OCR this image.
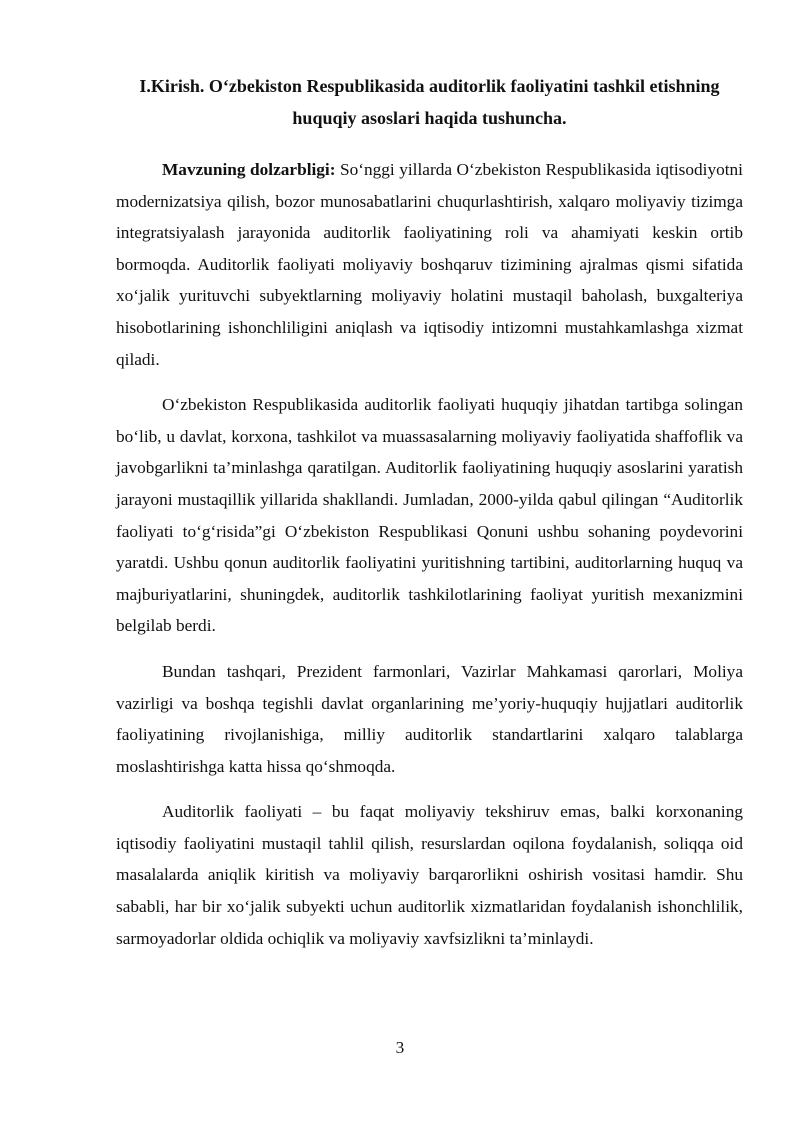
I.Kirish. O‘zbekiston Respublikasida auditorlik faoliyatini tashkil etishning huquqiy asoslari haqida tushuncha.

Mavzuning dolzarbligi: So‘nggi yillarda O‘zbekiston Respublikasida iqtisodiyotni modernizatsiya qilish, bozor munosabatlarini chuqurlashtirish, xalqaro moliyaviy tizimga integratsiyalash jarayonida auditorlik faoliyatining roli va ahamiyati keskin ortib bormoqda. Auditorlik faoliyati moliyaviy boshqaruv tizimining ajralmas qismi sifatida xo‘jalik yurituvchi subyektlarning moliyaviy holatini mustaqil baholash, buxgalteriya hisobotlarining ishonchliligini aniqlash va iqtisodiy intizomni mustahkamlashga xizmat qiladi.

O‘zbekiston Respublikasida auditorlik faoliyati huquqiy jihatdan tartibga solingan bo‘lib, u davlat, korxona, tashkilot va muassasalarning moliyaviy faoliyatida shaffoflik va javobgarlikni ta’minlashga qaratilgan. Auditorlik faoliyatining huquqiy asoslarini yaratish jarayoni mustaqillik yillarida shakllandi. Jumladan, 2000-yilda qabul qilingan “Auditorlik faoliyati to‘g‘risida”gi O‘zbekiston Respublikasi Qonuni ushbu sohaning poydevorini yaratdi. Ushbu qonun auditorlik faoliyatini yuritishning tartibini, auditorlarning huquq va majburiyatlarini, shuningdek, auditorlik tashkilotlarining faoliyat yuritish mexanizmini belgilab berdi.

Bundan tashqari, Prezident farmonlari, Vazirlar Mahkamasi qarorlari, Moliya vazirligi va boshqa tegishli davlat organlarining me’yoriy-huquqiy hujjatlari auditorlik faoliyatining rivojlanishiga, milliy auditorlik standartlarini xalqaro talablarga moslashtirishga katta hissa qo‘shmoqda.

Auditorlik faoliyati – bu faqat moliyaviy tekshiruv emas, balki korxonaning iqtisodiy faoliyatini mustaqil tahlil qilish, resurslardan oqilona foydalanish, soliqqa oid masalalarda aniqlik kiritish va moliyaviy barqarorlikni oshirish vositasi hamdir. Shu sababli, har bir xo‘jalik subyekti uchun auditorlik xizmatlaridan foydalanish ishonchlilik, sarmoyadorlar oldida ochiqlik va moliyaviy xavfsizlikni ta’minlaydi.

3
